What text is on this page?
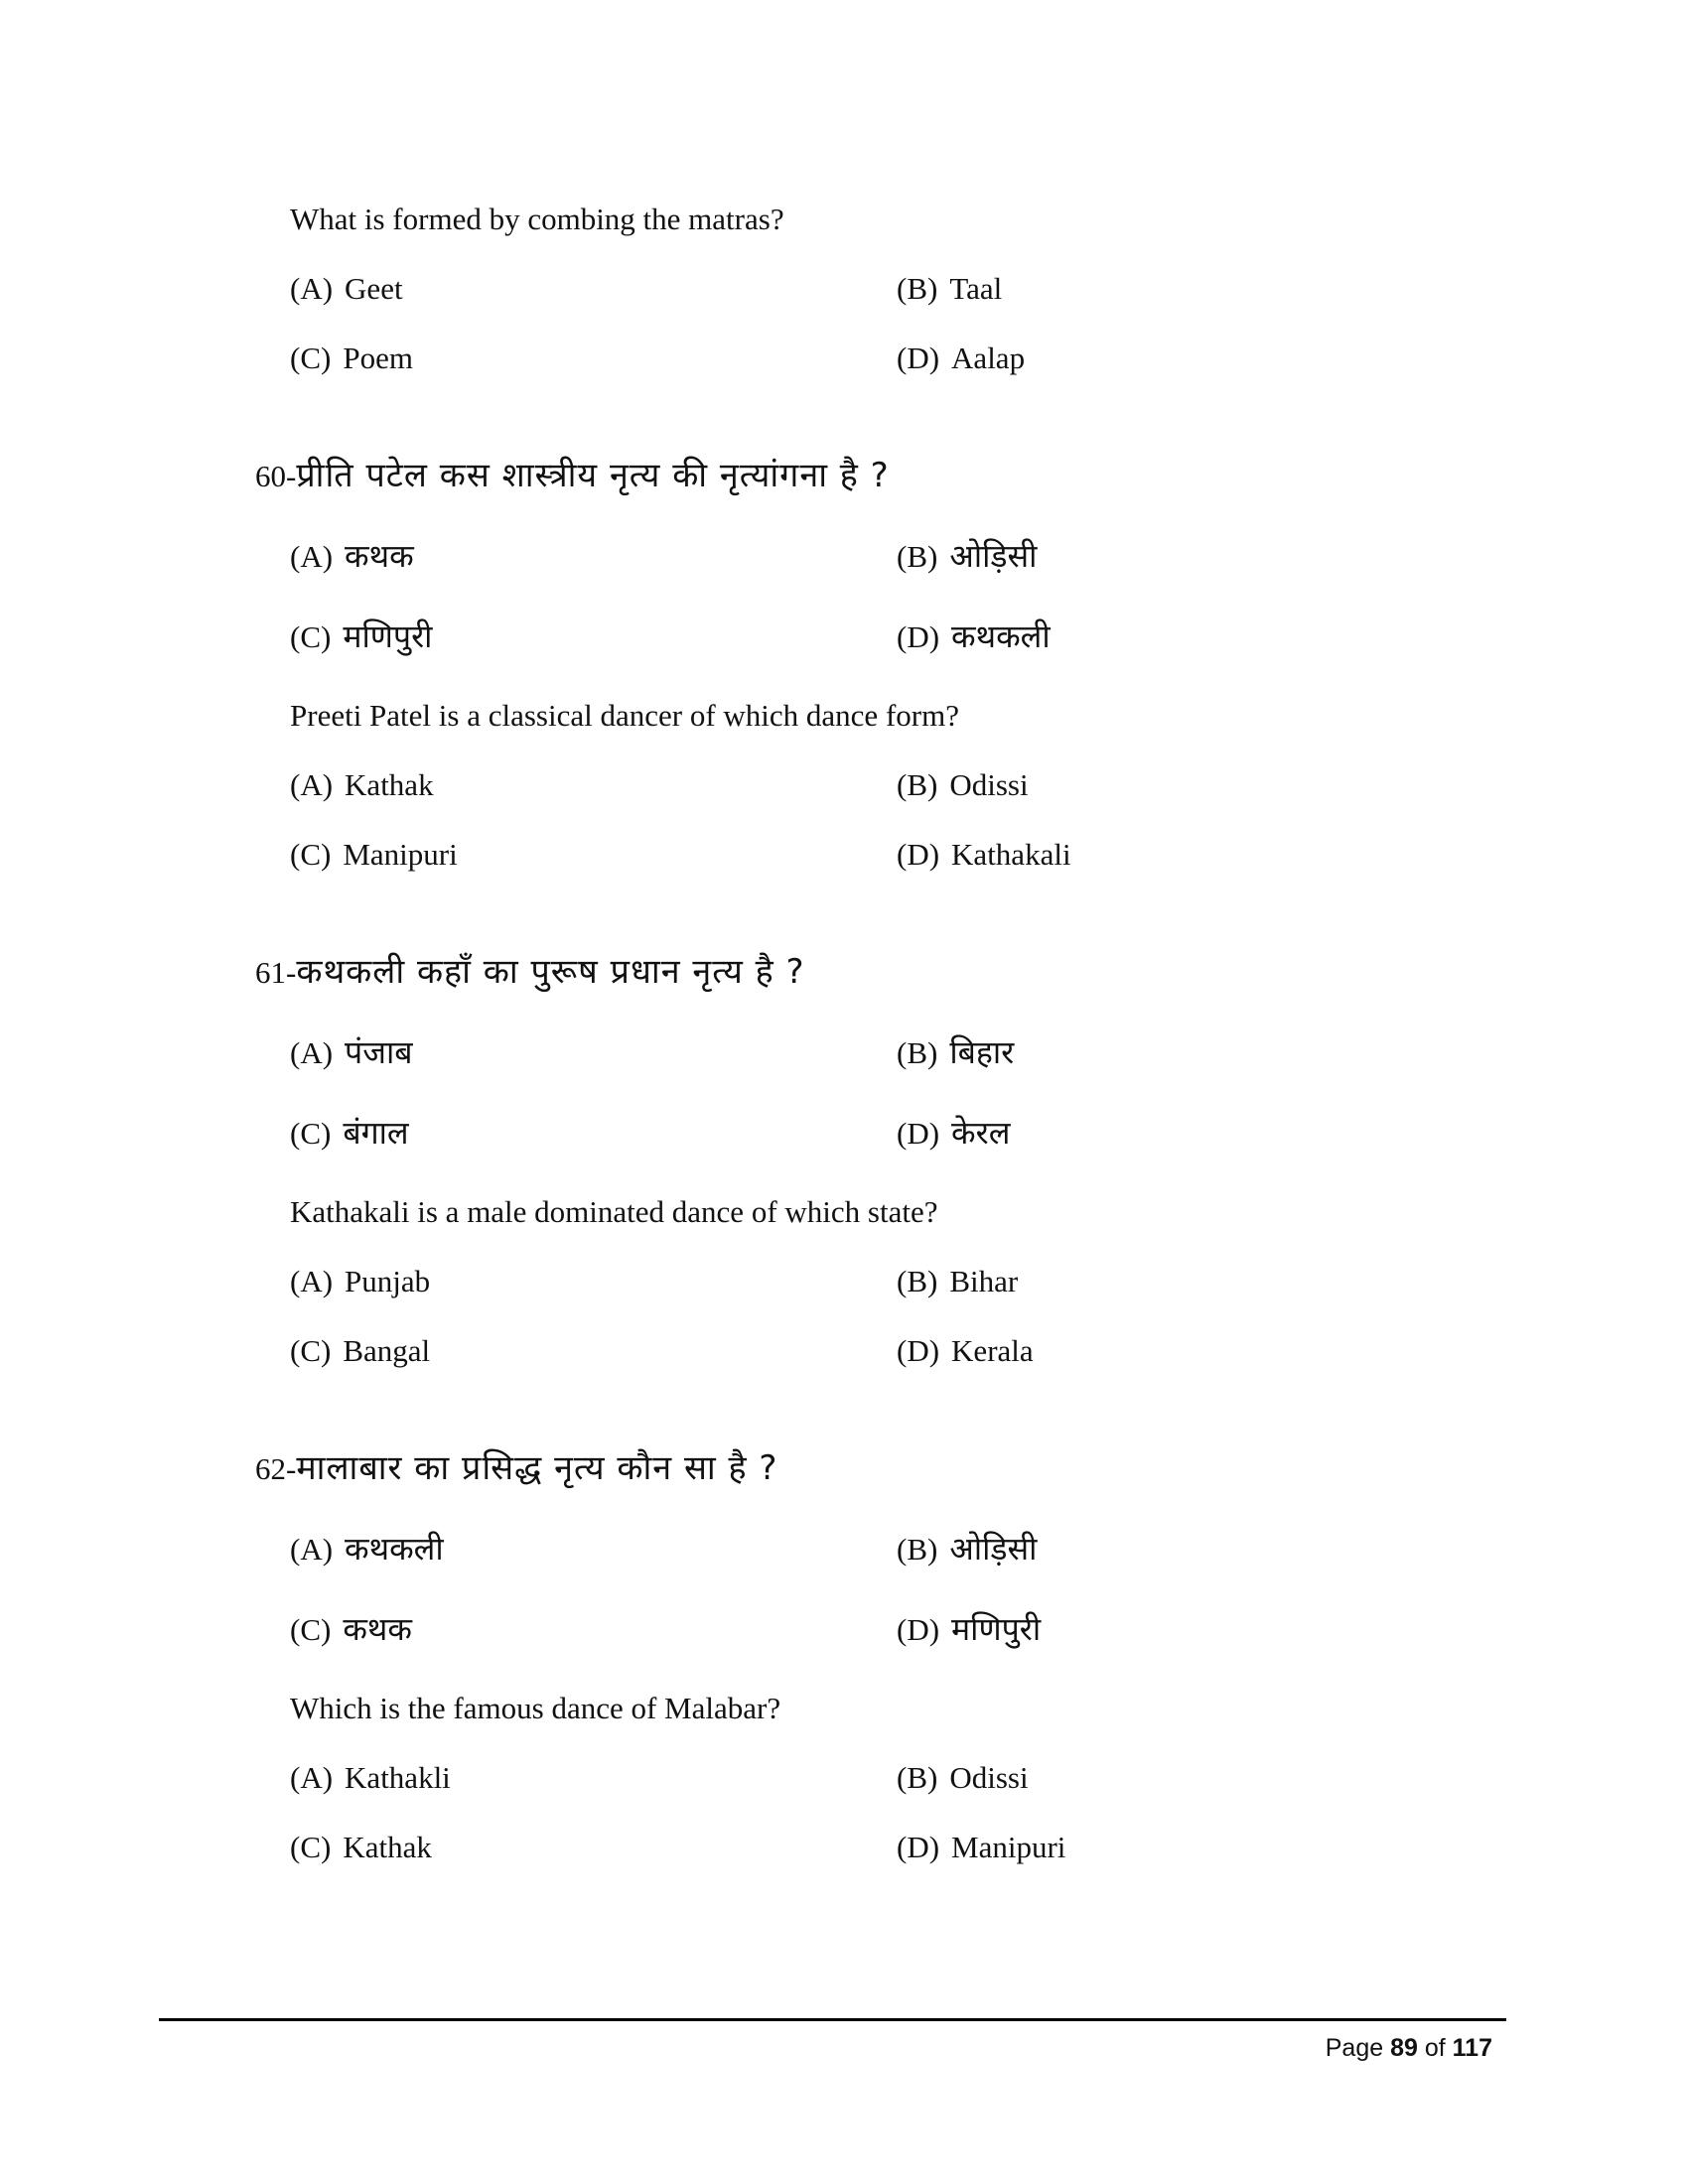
What is formed by combing the matras?
(A) Geet	(B) Taal
(C) Poem	(D) Aalap
60-प्रीति पटेल कस शास्त्रीय नृत्य की नृत्यांगना है ?
(A) कथक	(B) ओड़िसी
(C) मणिपुरी	(D) कथकली
Preeti Patel is a classical dancer of which dance form?
(A) Kathak	(B) Odissi
(C) Manipuri	(D) Kathakali
61-कथकली कहाँ का पुरूष प्रधान नृत्य है ?
(A) पंजाब	(B) बिहार
(C) बंगाल	(D) केरल
Kathakali is a male dominated dance of which state?
(A) Punjab	(B) Bihar
(C) Bangal	(D) Kerala
62-मालाबार का प्रसिद्ध नृत्य कौन सा है ?
(A) कथकली	(B) ओड़िसी
(C) कथक	(D) मणिपुरी
Which is the famous dance of Malabar?
(A) Kathakli	(B) Odissi
(C) Kathak	(D) Manipuri
Page 89 of 117
